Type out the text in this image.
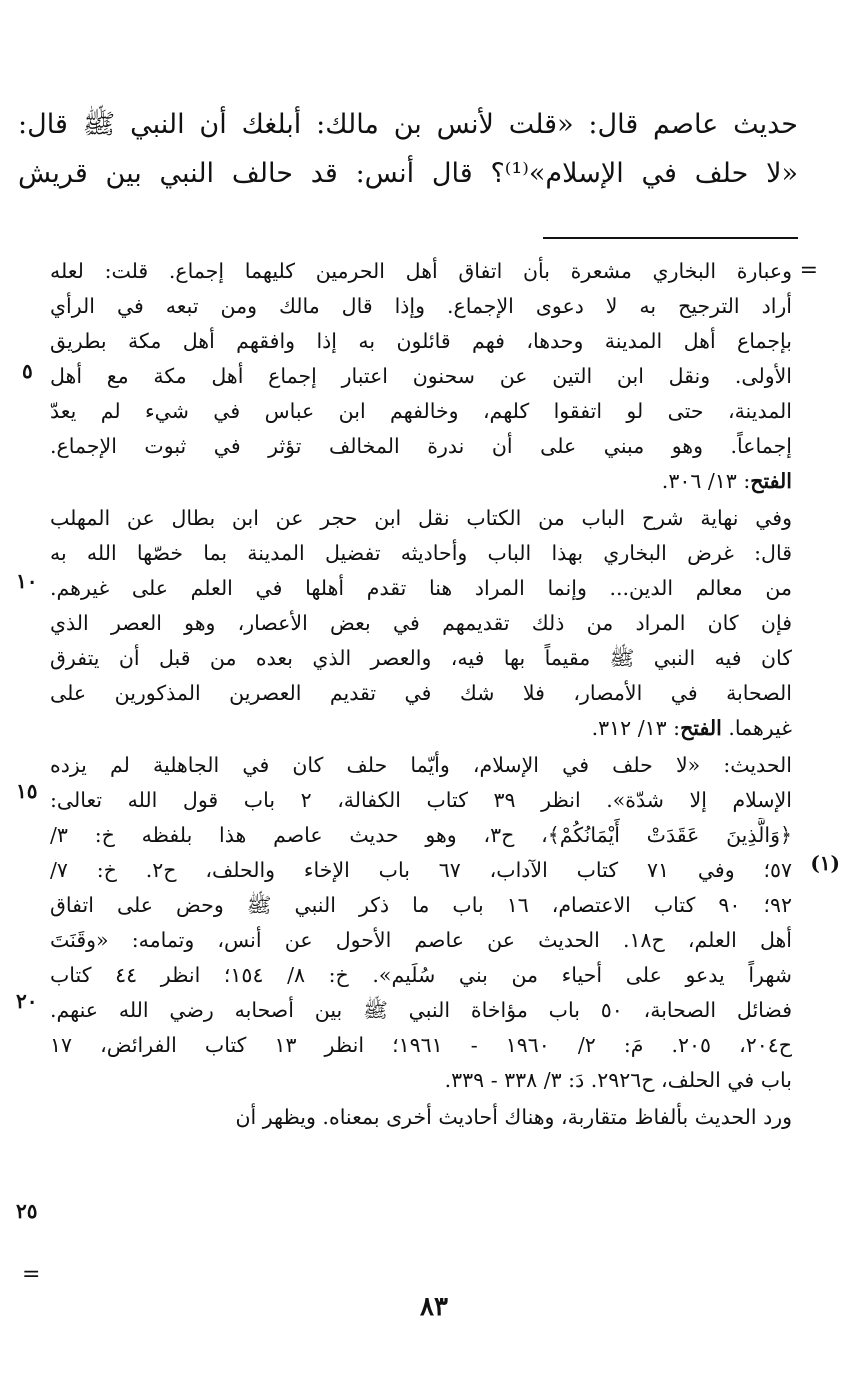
حديث عاصم قال: «قلت لأنس بن مالك: أبلغك أن النبي ﷺ قال:

«لا حلف في الإسلام»⁽¹⁾؟ قال أنس: قد حالف النبي بين قريش

=
وعبارة البخاري مشعرة بأن اتفاق أهل الحرمين كليهما إجماع. قلت: لعله
أراد الترجيح به لا دعوى الإجماع. وإذا قال مالك ومن تبعه في الرأي
بإجماع أهل المدينة وحدها، فهم قائلون به إذا وافقهم أهل مكة بطريق
الأولى. ونقل ابن التين عن سحنون اعتبار إجماع أهل مكة مع أهل
المدينة، حتى لو اتفقوا كلهم، وخالفهم ابن عباس في شيء لم يعدّ
إجماعاً. وهو مبني على أن ندرة المخالف تؤثر في ثبوت الإجماع.
الفتح: ١٣/ ٣٠٦.
وفي نهاية شرح الباب من الكتاب نقل ابن حجر عن ابن بطال عن المهلب
قال: غرض البخاري بهذا الباب وأحاديثه تفضيل المدينة بما خصّها الله به
من معالم الدين... وإنما المراد هنا تقدم أهلها في العلم على غيرهم.
فإن كان المراد من ذلك تقديمهم في بعض الأعصار، وهو العصر الذي
كان فيه النبي ﷺ مقيماً بها فيه، والعصر الذي بعده من قبل أن يتفرق
الصحابة في الأمصار، فلا شك في تقديم العصرين المذكورين على
غيرهما. الفتح: ١٣/ ٣١٢.
الحديث: «لا حلف في الإسلام، وأيّما حلف كان في الجاهلية لم يزده
الإسلام إلا شدّة». انظر ٣٩ كتاب الكفالة، ٢ باب قول الله تعالى:
﴿وَالَّذِينَ عَقَدَتْ أَيْمَانُكُمْ﴾، ح٣، وهو حديث عاصم هذا بلفظه خ: ٣/
٥٧؛ وفي ٧١ كتاب الآداب، ٦٧ باب الإخاء والحلف، ح٢. خ: ٧/
٩٢؛ ٩٠ كتاب الاعتصام، ١٦ باب ما ذكر النبي ﷺ وحض على اتفاق
أهل العلم، ح١٨. الحديث عن عاصم الأحول عن أنس، وتمامه: «وقَنَتَ
شهراً يدعو على أحياء من بني سُلَيم». خ: ٨/ ١٥٤؛ انظر ٤٤ كتاب
فضائل الصحابة، ٥٠ باب مؤاخاة النبي ﷺ بين أصحابه رضي الله عنهم.
ح٢٠٤، ٢٠٥. مَ: ٢/ ١٩٦٠ - ١٩٦١؛ انظر ١٣ كتاب الفرائض، ١٧
باب في الحلف، ح٢٩٢٦. دَ: ٣/ ٣٣٨ - ٣٣٩.
ورد الحديث بألفاظ متقاربة، وهناك أحاديث أخرى بمعناه. ويظهر أن
(١)
=
٥
١٠
١٥
٢٠
٢٥
٨٣
